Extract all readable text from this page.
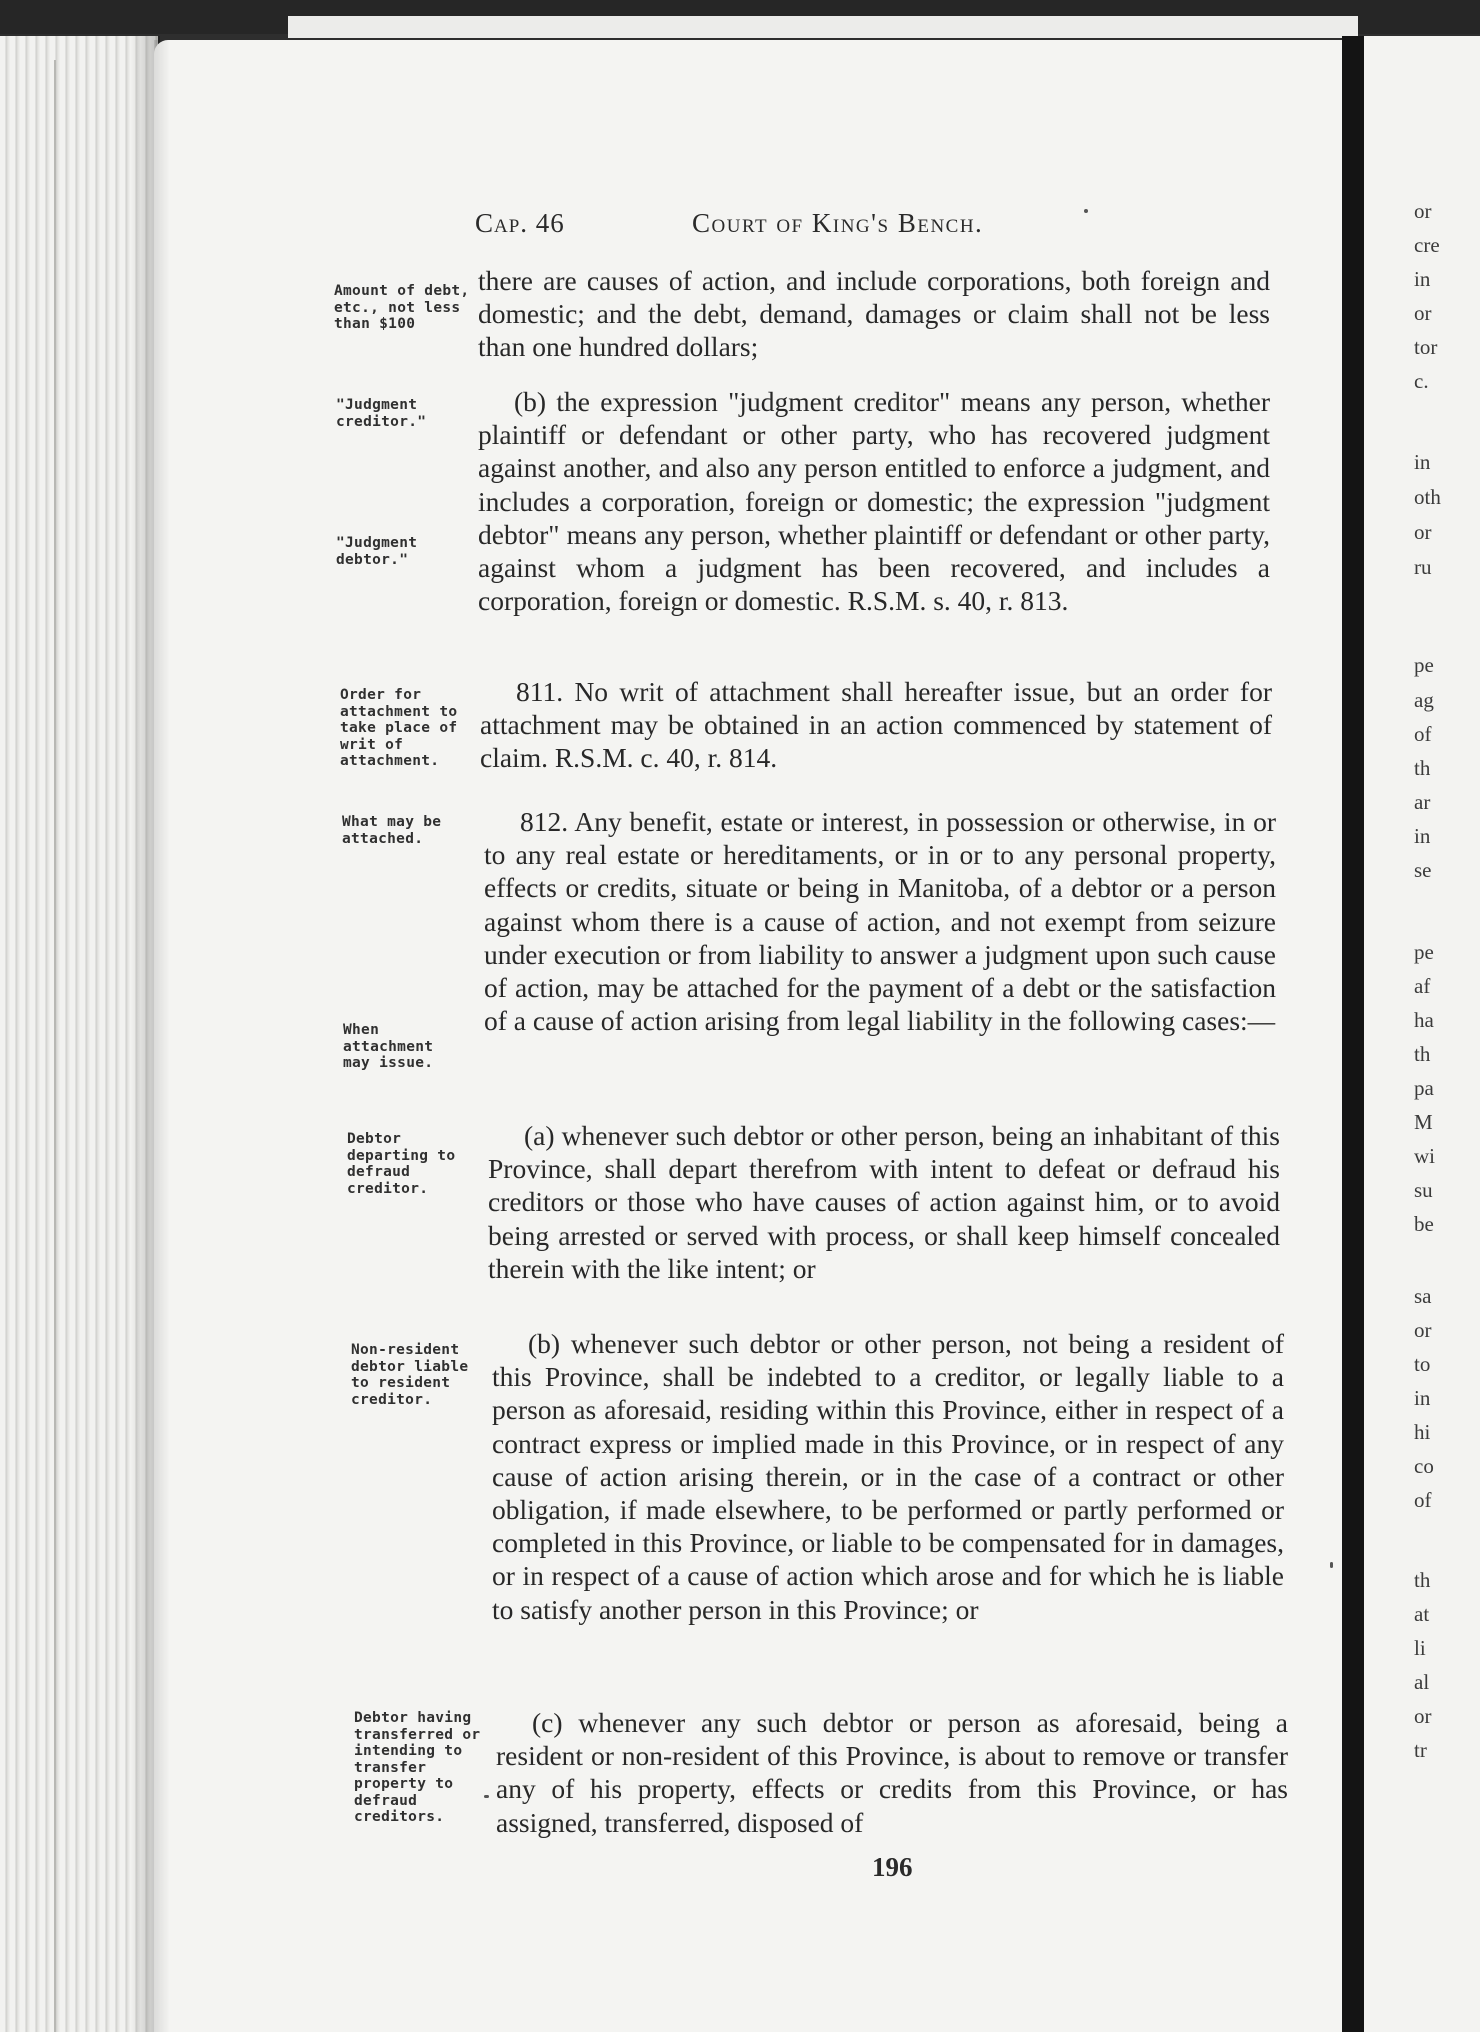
or
cre
in
or
tor
c.
in
oth
or
ru
pe
ag
of
th
ar
in
se
pe
af
ha
th
pa
M
wi
su
be
sa
or
to
in
hi
co
of
th
at
li
al
or
tr
Cap. 46	Court of King's Bench.
Amount of debt, etc., not less than $100
"Judgment creditor."
"Judgment debtor."
Order for attachment to take place of writ of attachment.
What may be attached.
When attachment may issue.
Debtor departing to defraud creditor.
Non-resident debtor liable to resident creditor.
Debtor having transferred or intending to transfer property to defraud creditors.
there are causes of action, and include corporations, both foreign and domestic; and the debt, demand, damages or claim shall not be less than one hundred dollars;
(b) the expression "judgment creditor" means any person, whether plaintiff or defendant or other party, who has recovered judgment against another, and also any person entitled to enforce a judgment, and includes a corporation, foreign or domestic; the expression "judgment debtor" means any person, whether plaintiff or defendant or other party, against whom a judgment has been recovered, and includes a corporation, foreign or domestic. R.S.M. s. 40, r. 813.
811. No writ of attachment shall hereafter issue, but an order for attachment may be obtained in an action commenced by statement of claim. R.S.M. c. 40, r. 814.
812. Any benefit, estate or interest, in possession or otherwise, in or to any real estate or hereditaments, or in or to any personal property, effects or credits, situate or being in Manitoba, of a debtor or a person against whom there is a cause of action, and not exempt from seizure under execution or from liability to answer a judgment upon such cause of action, may be attached for the payment of a debt or the satisfaction of a cause of action arising from legal liability in the following cases:—
(a) whenever such debtor or other person, being an inhabitant of this Province, shall depart therefrom with intent to defeat or defraud his creditors or those who have causes of action against him, or to avoid being arrested or served with process, or shall keep himself concealed therein with the like intent; or
(b) whenever such debtor or other person, not being a resident of this Province, shall be indebted to a creditor, or legally liable to a person as aforesaid, residing within this Province, either in respect of a contract express or implied made in this Province, or in respect of any cause of action arising therein, or in the case of a contract or other obligation, if made elsewhere, to be performed or partly performed or completed in this Province, or liable to be compensated for in damages, or in respect of a cause of action which arose and for which he is liable to satisfy another person in this Province; or
(c) whenever any such debtor or person as aforesaid, being a resident or non-resident of this Province, is about to remove or transfer any of his property, effects or credits from this Province, or has assigned, transferred, disposed of
196
